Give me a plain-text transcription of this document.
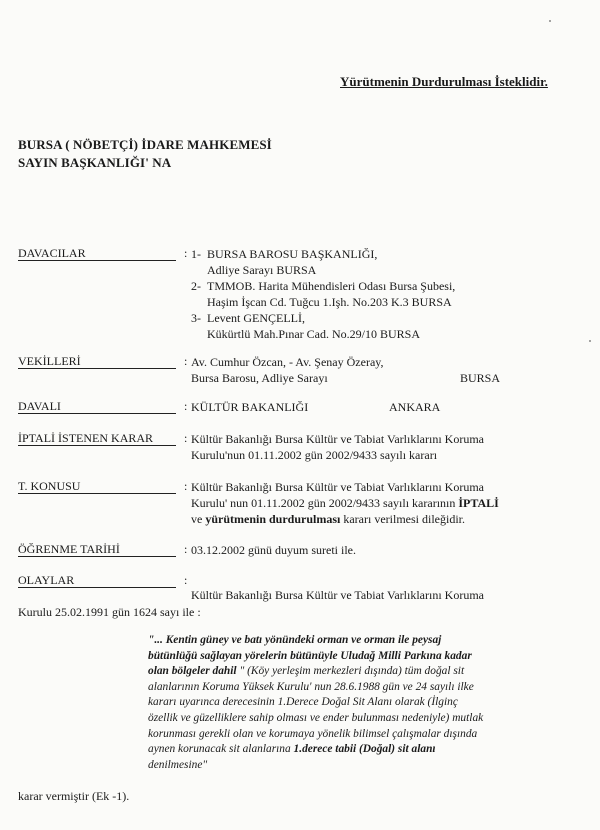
Yürütmenin Durdurulması İsteklidir.
BURSA ( NÖBETÇİ) İDARE MAHKEMESİ
SAYIN BAŞKANLIĞI' NA
DAVACILAR	: 1- BURSA BAROSU BAŞKANLIĞI,
Adliye Sarayı BURSA
2- TMMOB. Harita Mühendisleri Odası Bursa Şubesi,
Haşim İşcan Cd. Tuğcu 1.Işh. No.203 K.3 BURSA
3- Levent GENÇELLİ,
Kükürtlü Mah.Pınar Cad. No.29/10 BURSA
VEKİLLERİ	: Av. Cumhur Özcan, - Av. Şenay Özeray,
Bursa Barosu, Adliye Sarayı	BURSA
DAVALI	: KÜLTÜR BAKANLIĞI	ANKARA
İPTALİ İSTENEN KARAR	: Kültür Bakanlığı Bursa Kültür ve Tabiat Varlıklarını Koruma
Kurulu'nun 01.11.2002 gün 2002/9433 sayılı kararı
T. KONUSU	: Kültür Bakanlığı Bursa Kültür ve Tabiat Varlıklarını Koruma
Kurulu' nun 01.11.2002 gün 2002/9433 sayılı kararının İPTALİ
ve yürütmenin durdurulması kararı verilmesi dileğidir.
ÖĞRENME TARİHİ	: 03.12.2002 günü duyum sureti ile.
OLAYLAR	:
Kültür Bakanlığı Bursa Kültür ve Tabiat Varlıklarını Koruma
Kurulu 25.02.1991 gün 1624 sayı ile :
"... Kentin güney ve batı yönündeki orman ve orman ile peysaj
bütünlüğü sağlayan yörelerin bütünüyle Uludağ Milli Parkına kadar
olan bölgeler dahil " (Köy yerleşim merkezleri dışında) tüm doğal sit
alanlarının Koruma Yüksek Kurulu' nun 28.6.1988 gün ve 24 sayılı ilke
kararı uyarınca derecesinin 1.Derece Doğal Sit Alanı olarak (İlginç
özellik ve güzelliklere sahip olması ve ender bulunması nedeniyle) mutlak
korunması gerekli olan ve korumaya yönelik bilimsel çalışmalar dışında
aynen korunacak sit alanlarına 1.derece tabii (Doğal) sit alanı
denilmesine"
karar vermiştir (Ek -1).
